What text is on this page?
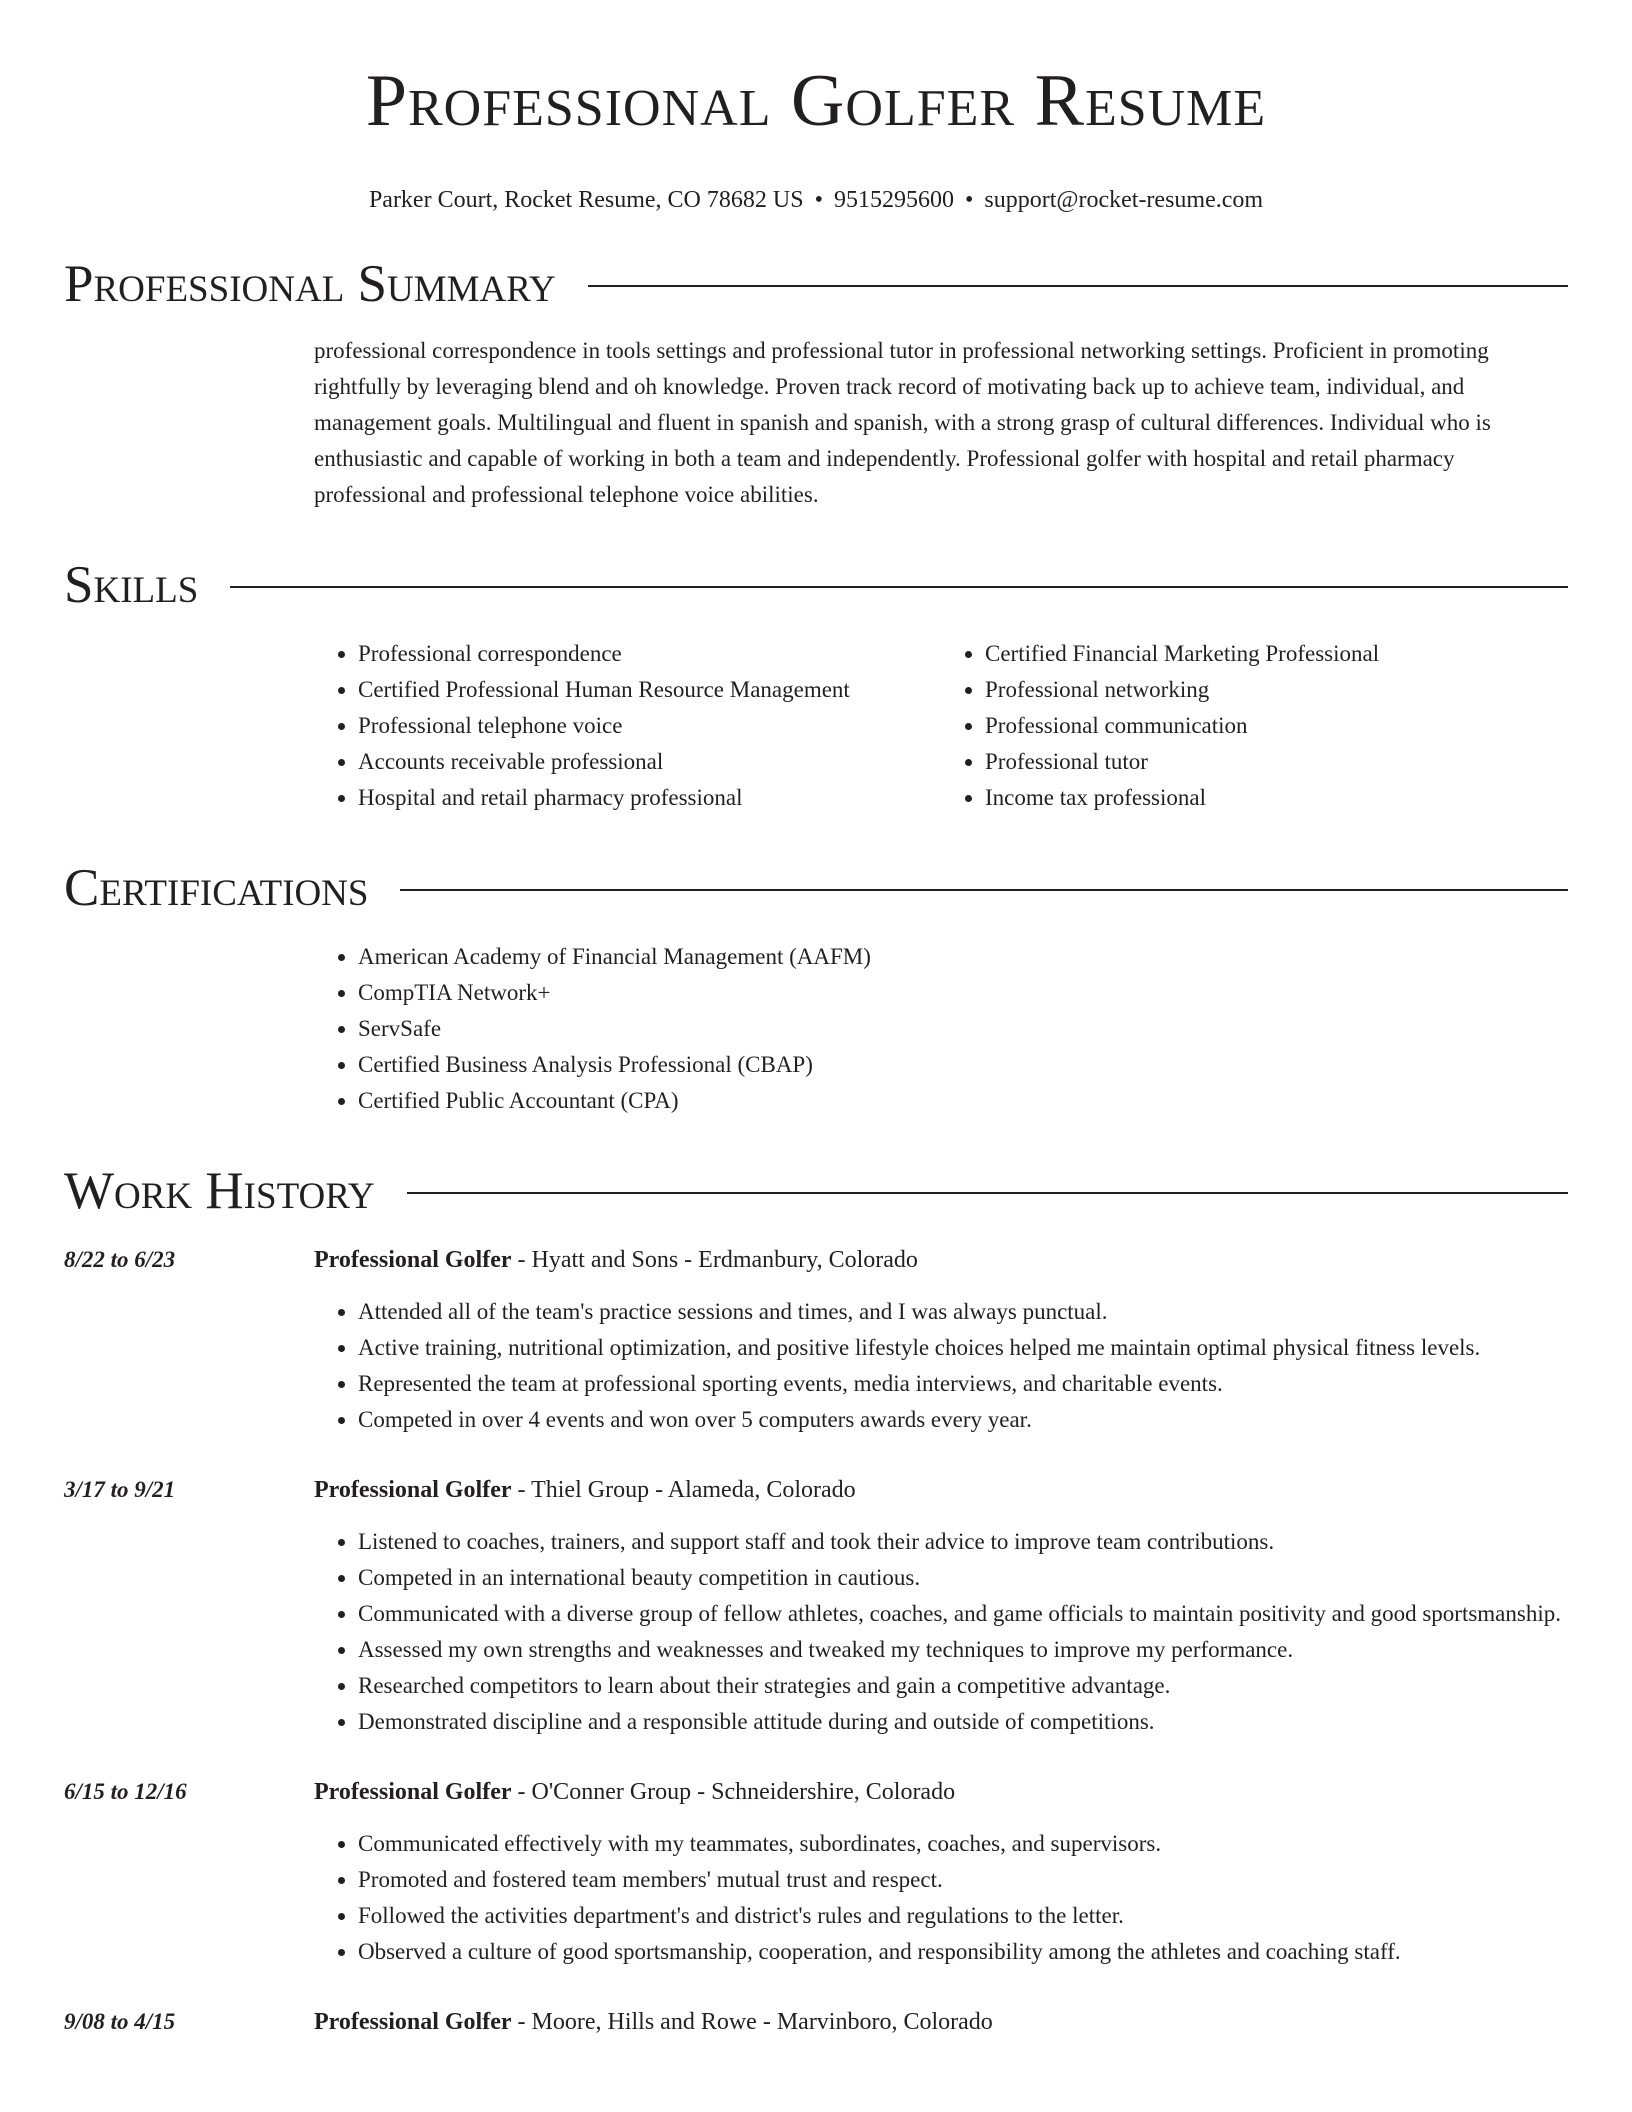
Professional Golfer Resume
Parker Court, Rocket Resume, CO 78682 US • 9515295600 • support@rocket-resume.com
Professional Summary
professional correspondence in tools settings and professional tutor in professional networking settings. Proficient in promoting rightfully by leveraging blend and oh knowledge. Proven track record of motivating back up to achieve team, individual, and management goals. Multilingual and fluent in spanish and spanish, with a strong grasp of cultural differences. Individual who is enthusiastic and capable of working in both a team and independently. Professional golfer with hospital and retail pharmacy professional and professional telephone voice abilities.
Skills
• Professional correspondence
• Certified Professional Human Resource Management
• Professional telephone voice
• Accounts receivable professional
• Hospital and retail pharmacy professional
• Certified Financial Marketing Professional
• Professional networking
• Professional communication
• Professional tutor
• Income tax professional
Certifications
• American Academy of Financial Management (AAFM)
• CompTIA Network+
• ServSafe
• Certified Business Analysis Professional (CBAP)
• Certified Public Accountant (CPA)
Work History
8/22 to 6/23	Professional Golfer - Hyatt and Sons - Erdmanbury, Colorado
• Attended all of the team's practice sessions and times, and I was always punctual.
• Active training, nutritional optimization, and positive lifestyle choices helped me maintain optimal physical fitness levels.
• Represented the team at professional sporting events, media interviews, and charitable events.
• Competed in over 4 events and won over 5 computers awards every year.
3/17 to 9/21	Professional Golfer - Thiel Group - Alameda, Colorado
• Listened to coaches, trainers, and support staff and took their advice to improve team contributions.
• Competed in an international beauty competition in cautious.
• Communicated with a diverse group of fellow athletes, coaches, and game officials to maintain positivity and good sportsmanship.
• Assessed my own strengths and weaknesses and tweaked my techniques to improve my performance.
• Researched competitors to learn about their strategies and gain a competitive advantage.
• Demonstrated discipline and a responsible attitude during and outside of competitions.
6/15 to 12/16	Professional Golfer - O'Conner Group - Schneidershire, Colorado
• Communicated effectively with my teammates, subordinates, coaches, and supervisors.
• Promoted and fostered team members' mutual trust and respect.
• Followed the activities department's and district's rules and regulations to the letter.
• Observed a culture of good sportsmanship, cooperation, and responsibility among the athletes and coaching staff.
9/08 to 4/15	Professional Golfer - Moore, Hills and Rowe - Marvinboro, Colorado
